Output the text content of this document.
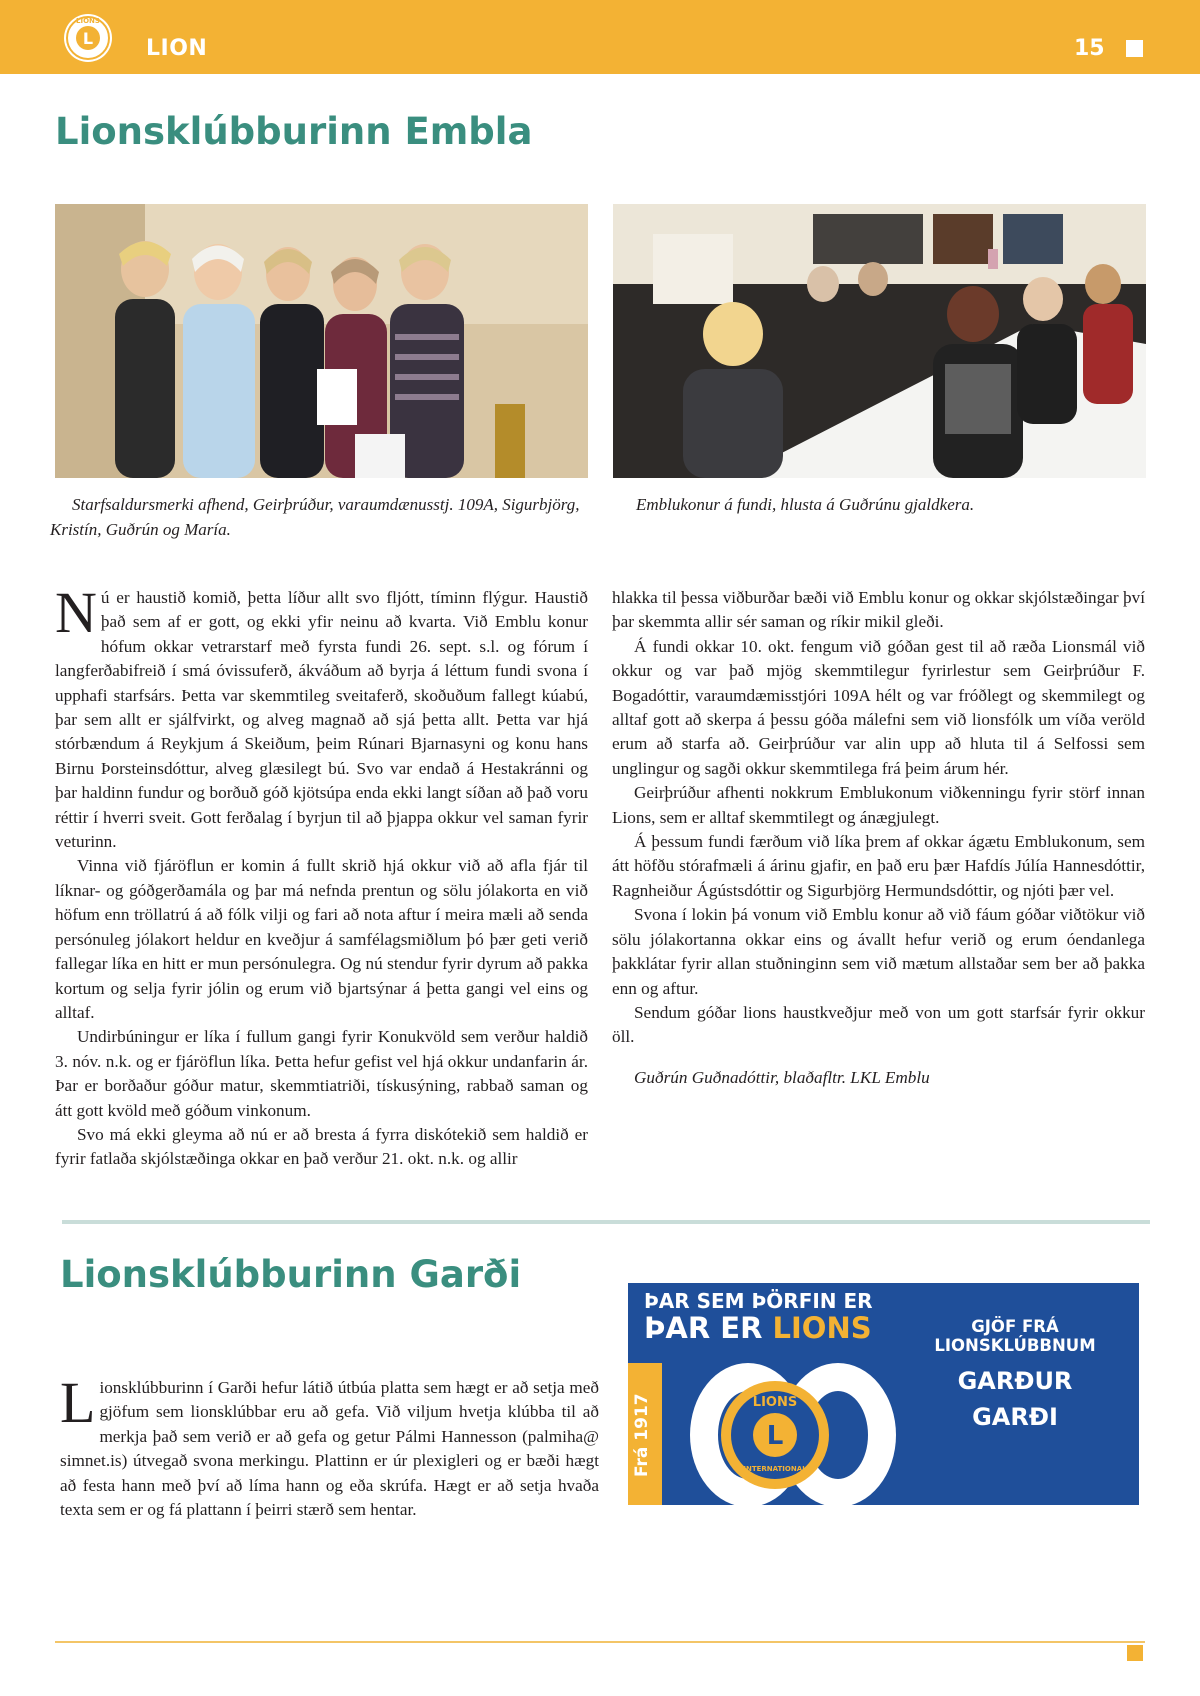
L
LIONS
LION	15
Lionsklúbburinn Embla

Starfsaldursmerki afhend, Geirþrúður, varaumdænusstj. 109A, Sigurbjörg, Kristín, Guðrún og María.

Emblukonur á fundi, hlusta á Guðrúnu gjaldkera.

Nú er haustið komið, þetta líður allt svo fljótt, tíminn flýgur. Haustið það sem af er gott, og ekki yfir neinu að kvarta. Við Emblu konur hófum okkar vetrarstarf með fyrsta fundi 26. sept. s.l. og fórum í langferðabifreið í smá óvissuferð, ákváðum að byrja á léttum fundi svona í upphafi starfsárs. Þetta var skemmtileg sveitaferð, skoðuðum fallegt kúabú, þar sem allt er sjálfvirkt, og alveg magnað að sjá þetta allt. Þetta var hjá stórbændum á Reykjum á Skeiðum, þeim Rúnari Bjarnasyni og konu hans Birnu Þorsteinsdóttur, alveg glæsilegt bú. Svo var endað á Hestakránni og þar haldinn fundur og borðuð góð kjötsúpa enda ekki langt síðan að það voru réttir í hverri sveit. Gott ferðalag í byrjun til að þjappa okkur vel saman fyrir veturinn.

Vinna við fjáröflun er komin á fullt skrið hjá okkur við að afla fjár til líknar- og góðgerðamála og þar má nefnda prentun og sölu jólakorta en við höfum enn tröllatrú á að fólk vilji og fari að nota aftur í meira mæli að senda persónuleg jólakort heldur en kveðjur á samfélagsmiðlum þó þær geti verið fallegar líka en hitt er mun persónulegra. Og nú stendur fyrir dyrum að pakka kortum og selja fyrir jólin og erum við bjartsýnar á þetta gangi vel eins og alltaf.

Undirbúningur er líka í fullum gangi fyrir Konukvöld sem verður haldið 3. nóv. n.k. og er fjáröflun líka. Þetta hefur gefist vel hjá okkur undanfarin ár. Þar er borðaður góður matur, skemmtiatriði, tískusýning, rabbað saman og átt gott kvöld með góðum vinkonum.

Svo má ekki gleyma að nú er að bresta á fyrra diskótekið sem haldið er fyrir fatlaða skjólstæðinga okkar en það verður 21. okt. n.k. og allir

hlakka til þessa viðburðar bæði við Emblu konur og okkar skjólstæðingar því þar skemmta allir sér saman og ríkir mikil gleði.

Á fundi okkar 10. okt. fengum við góðan gest til að ræða Lionsmál við okkur og var það mjög skemmtilegur fyrirlestur sem Geirþrúður F. Bogadóttir, varaumdæmisstjóri 109A hélt og var fróðlegt og skemmilegt og alltaf gott að skerpa á þessu góða málefni sem við lionsfólk um víða veröld erum að starfa að. Geirþrúður var alin upp að hluta til á Selfossi sem unglingur og sagði okkur skemmtilega frá þeim árum hér.

Geirþrúður afhenti nokkrum Emblukonum viðkenningu fyrir störf innan Lions, sem er alltaf skemmtilegt og ánægjulegt.

Á þessum fundi færðum við líka þrem af okkar ágætu Emblukonum, sem átt höfðu stórafmæli á árinu gjafir, en það eru þær Hafdís Júlía Hannesdóttir, Ragnheiður Ágústsdóttir og Sigurbjörg Hermundsdóttir, og njóti þær vel.

Svona í lokin þá vonum við Emblu konur að við fáum góðar viðtökur við sölu jólakortanna okkar eins og ávallt hefur verið og erum óendanlega þakklátar fyrir allan stuðninginn sem við mætum allstaðar sem ber að þakka enn og aftur.

Sendum góðar lions haustkveðjur með von um gott starfsár fyrir okkur öll.

Guðrún Guðnadóttir, blaðafltr. LKL Emblu

Lionsklúbburinn Garði

Lionsklúbburinn í Garði hefur látið útbúa platta sem hægt er að setja með gjöfum sem lionsklúbbar eru að gefa. Við viljum hvetja klúbba til að merkja það sem verið er að gefa og getur Pálmi Hannesson (palmiha@ simnet.is) útvegað svona merkingu. Plattinn er úr plexigleri og er bæði hægt að festa hann með því að líma hann og eða skrúfa. Hægt er að setja hvaða texta sem er og fá plattann í þeirri stærð sem hentar.

LIONS
L
INTERNATIONAL
ÞAR SEM ÞÖRFIN ER
ÞAR ER LIONS
Frá 1917
GJÖF FRÁ LIONSKLÚBBNUM
GARÐUR
GARÐI
